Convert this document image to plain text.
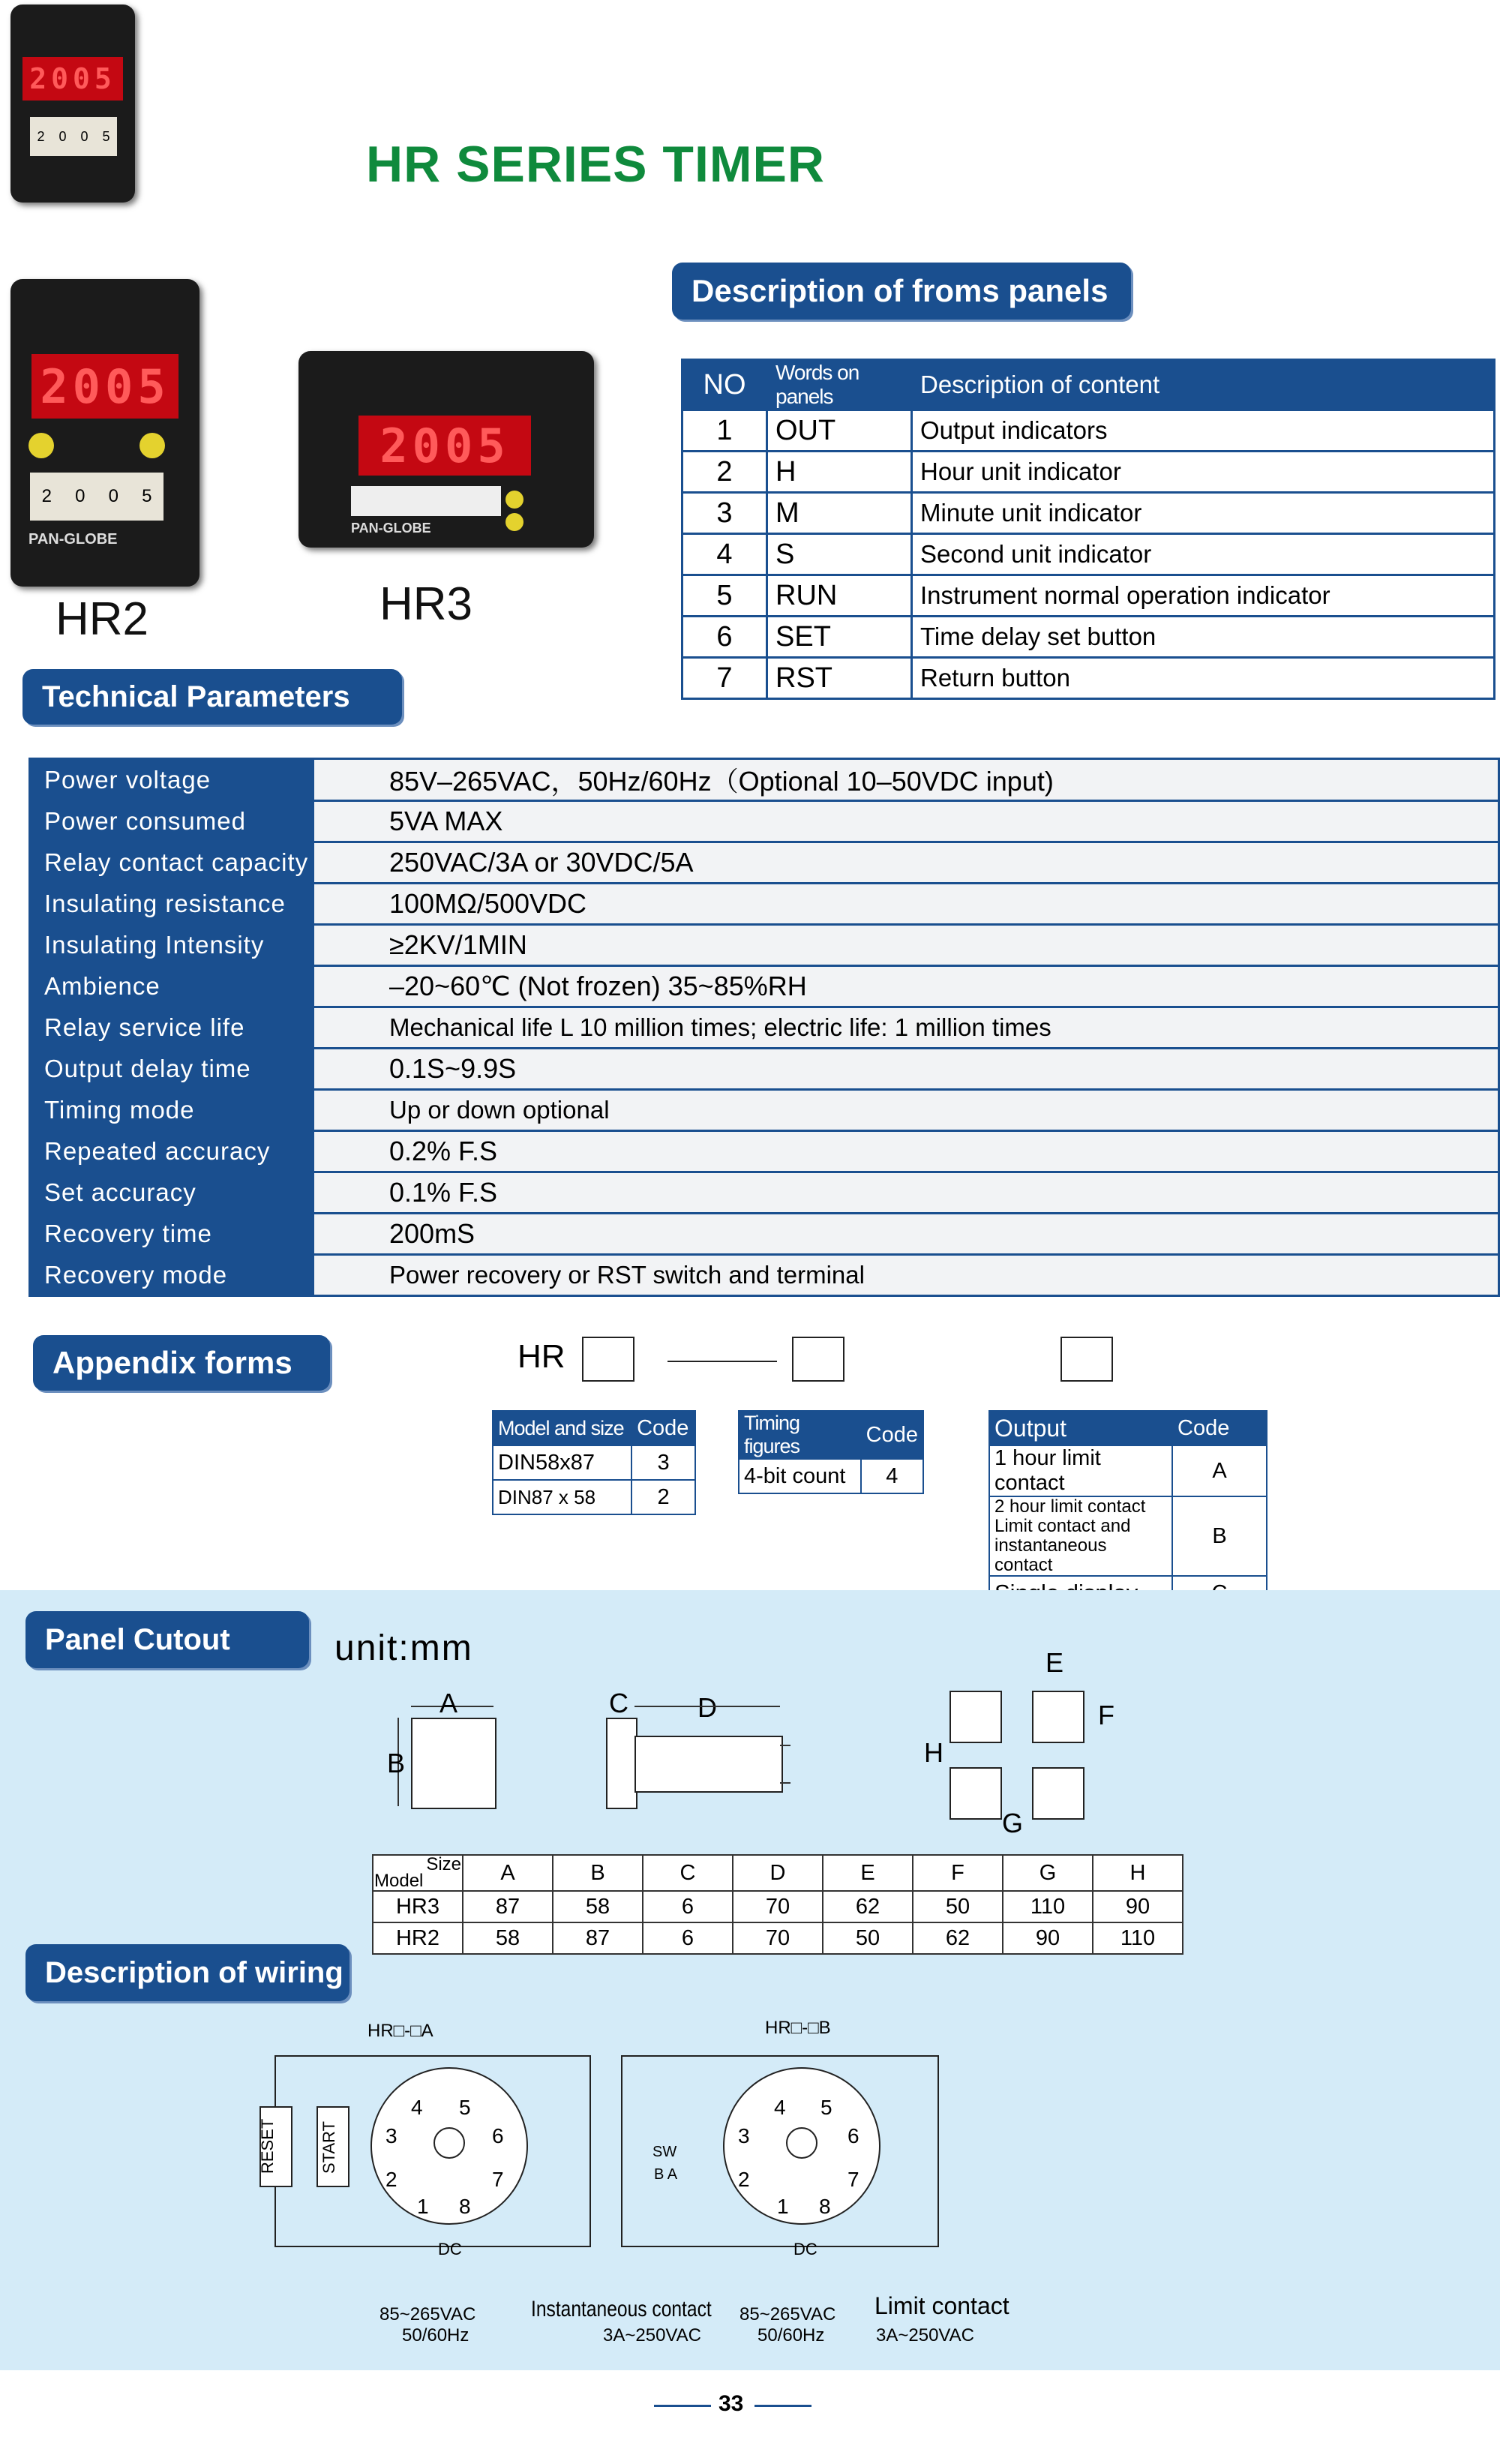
2005
2 0 0 5	HR SERIES TIMER
2005
2 0 0 5
PAN-GLOBE
HR2
2005
PAN-GLOBE
HR3
Description of froms panels
NO	Words on panels	Description of content
1	OUT	Output indicators
2	H	Hour unit indicator
3	M	Minute unit indicator
4	S	Second unit indicator
5	RUN	Instrument normal operation indicator
6	SET	Time delay set button
7	RST	Return button
Technical Parameters
Power voltage	85V–265VAC，50Hz/60Hz（Optional 10–50VDC input)
Power consumed	5VA MAX
Relay contact capacity	250VAC/3A or 30VDC/5A
Insulating resistance	100MΩ/500VDC
Insulating Intensity	≥2KV/1MIN
Ambience	–20~60℃ (Not frozen) 35~85%RH
Relay service life	Mechanical life L 10 million times; electric life: 1 million times
Output delay time	0.1S~9.9S
Timing mode	Up or down optional
Repeated accuracy	0.2% F.S
Set accuracy	0.1% F.S
Recovery time	200mS
Recovery mode	Power recovery or RST switch and terminal
Appendix forms	HR
Model and size	Code
DIN58x87	3
DIN87 x 58	2
Timing figures	Code
4-bit count	4
Output	Code
1 hour limit contact	A
2 hour limit contact Limit contact and instantaneous contact	B

Panel Cutout	unit:mm
A
B
C	D
E
F
G
H
Size

Model	A	B	C	D	E	F	G	H
HR3	87	58	6	70	62	50	110	90
HR2	58	87	6	70	50	62	90	110
Description of wiring
HR□-□A	HR□-□B
RESET	START
4 5
3	6
2	7
1 8
DC
85~265VAC
50/60Hz
4 5
3	6
2	7
1 8
SW
B A
DC
Instantaneous contact
3A~250VAC
85~265VAC
50/60Hz
Limit contact
3A~250VAC
33
